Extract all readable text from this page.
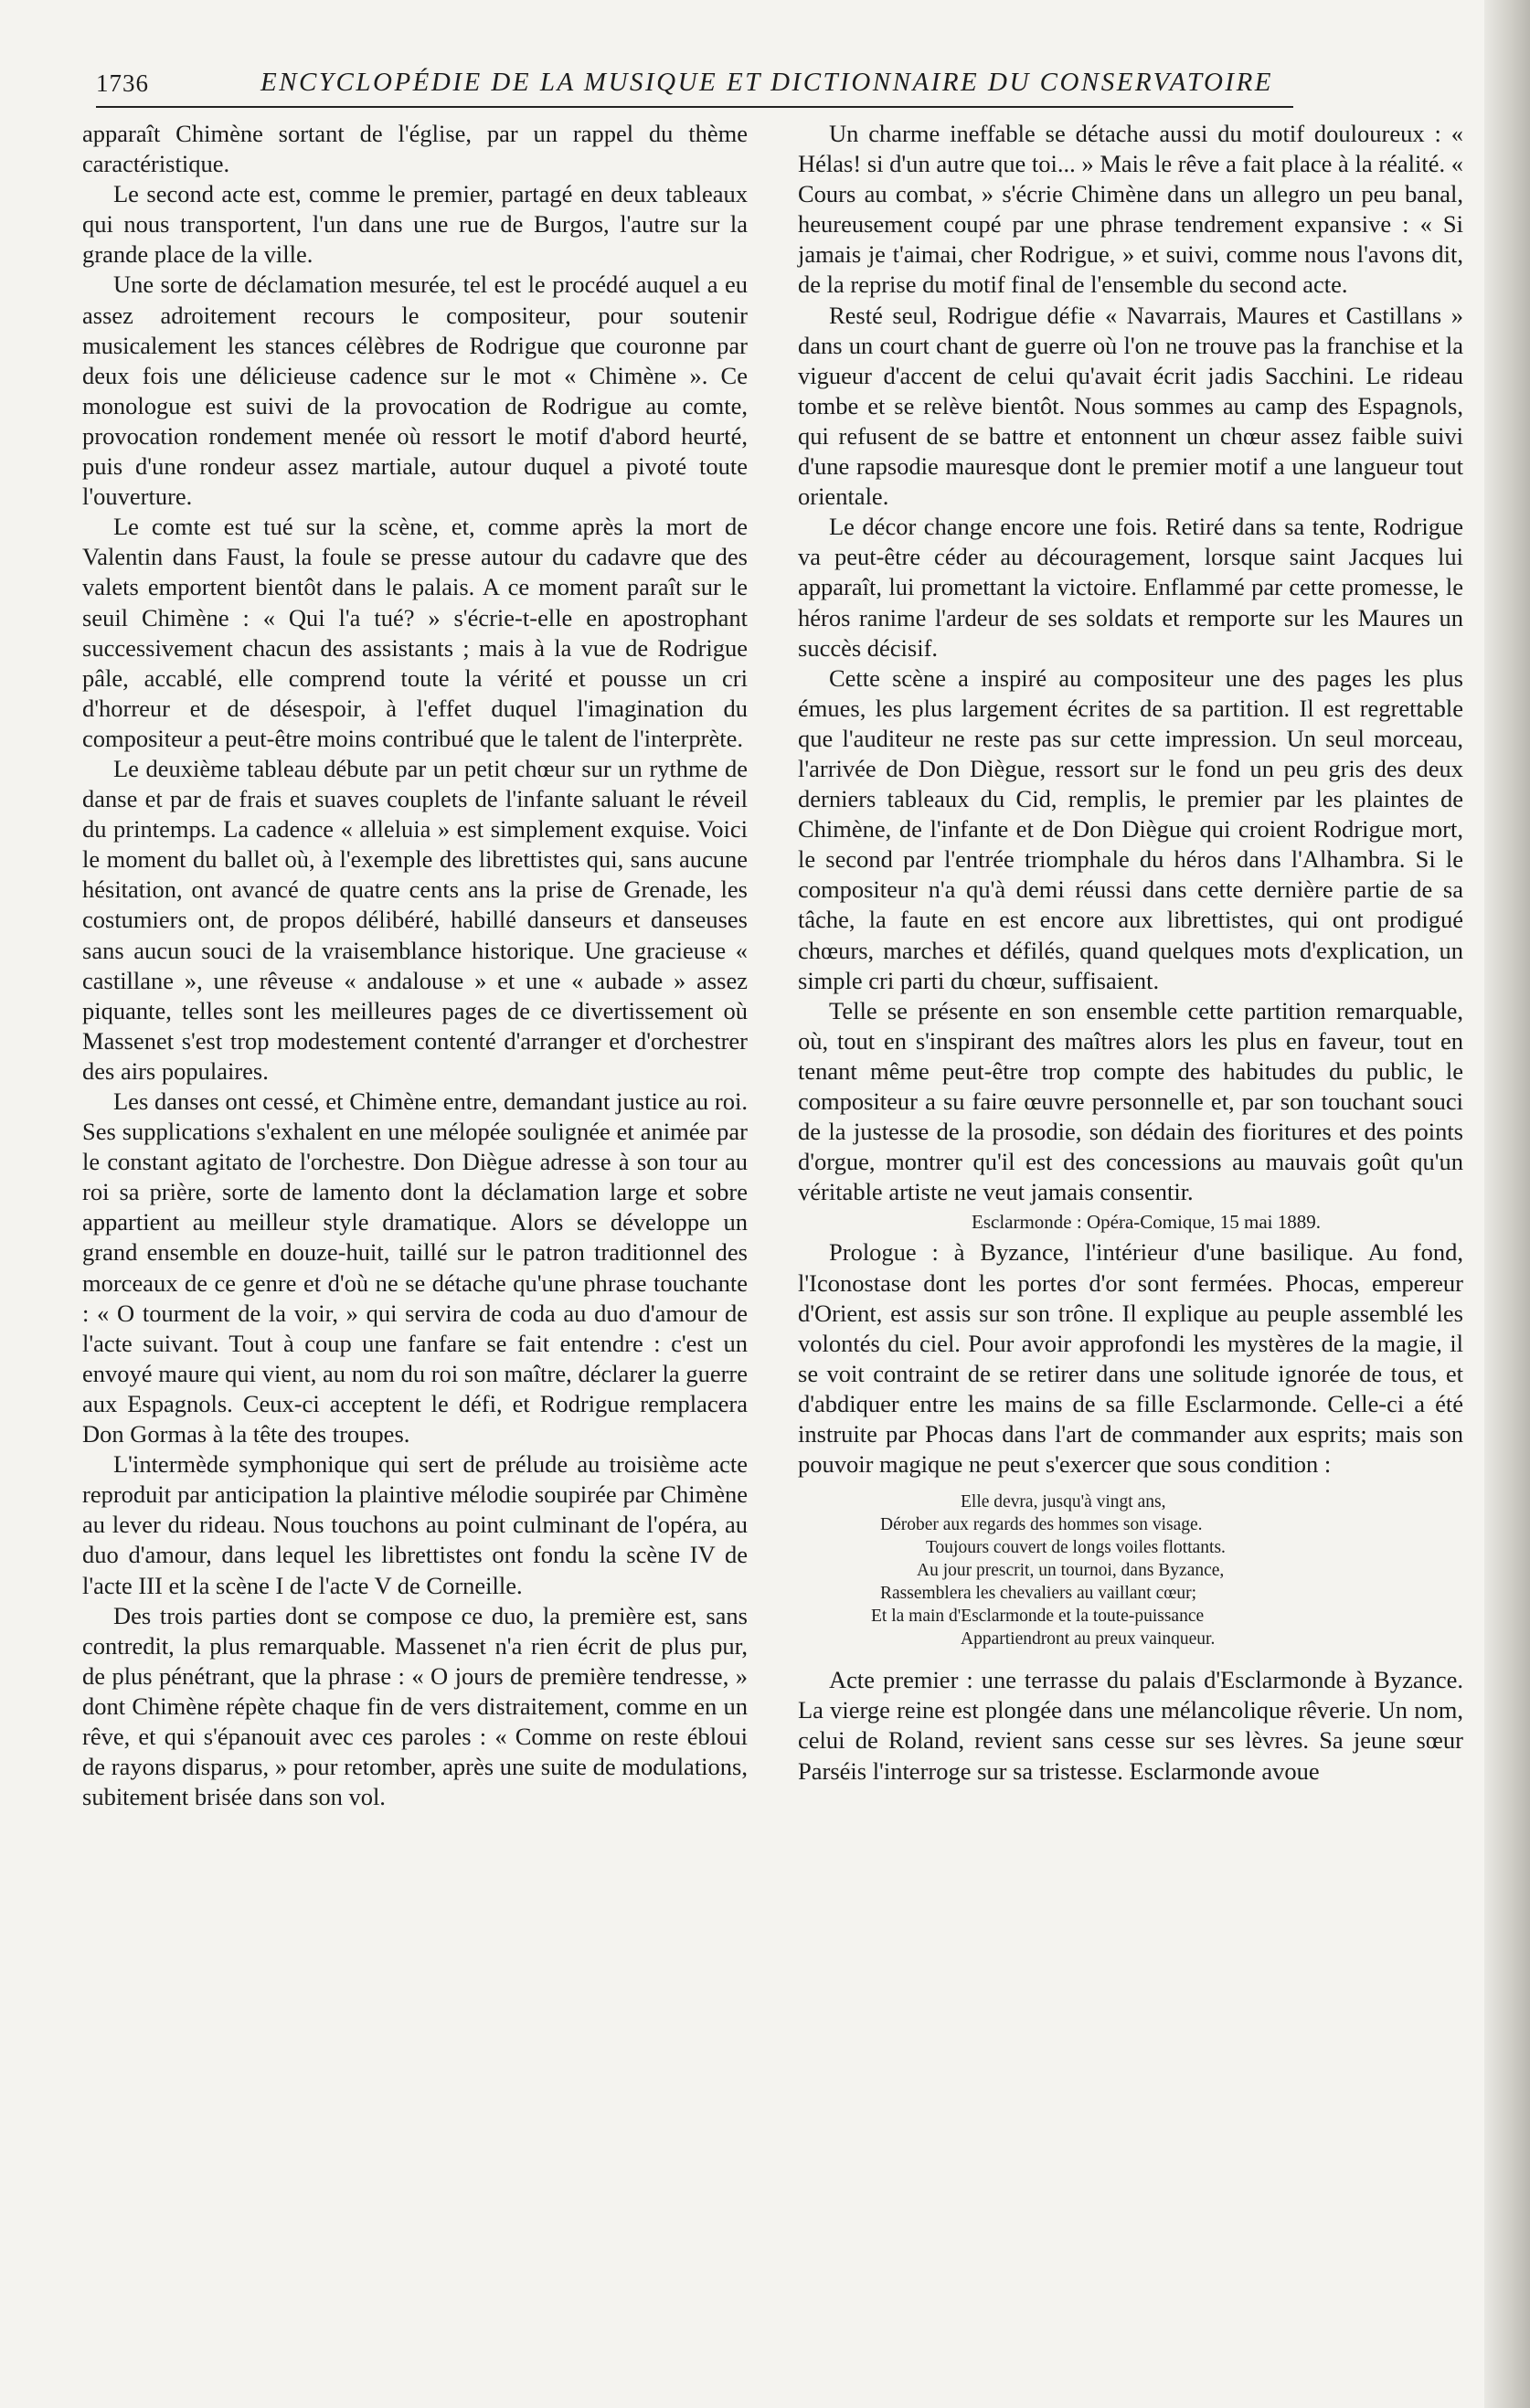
1736	ENCYCLOPÉDIE DE LA MUSIQUE ET DICTIONNAIRE DU CONSERVATOIRE

apparaît Chimène sortant de l'église, par un rappel du thème caractéristique.

Le second acte est, comme le premier, partagé en deux tableaux qui nous transportent, l'un dans une rue de Burgos, l'autre sur la grande place de la ville.

Une sorte de déclamation mesurée, tel est le procédé auquel a eu assez adroitement recours le compositeur, pour soutenir musicalement les stances célèbres de Rodrigue que couronne par deux fois une délicieuse cadence sur le mot « Chimène ». Ce monologue est suivi de la provocation de Rodrigue au comte, provocation rondement menée où ressort le motif d'abord heurté, puis d'une rondeur assez martiale, autour duquel a pivoté toute l'ouverture.

Le comte est tué sur la scène, et, comme après la mort de Valentin dans Faust, la foule se presse autour du cadavre que des valets emportent bientôt dans le palais. A ce moment paraît sur le seuil Chimène : « Qui l'a tué? » s'écrie-t-elle en apostrophant successivement chacun des assistants ; mais à la vue de Rodrigue pâle, accablé, elle comprend toute la vérité et pousse un cri d'horreur et de désespoir, à l'effet duquel l'imagination du compositeur a peut-être moins contribué que le talent de l'interprète.

Le deuxième tableau débute par un petit chœur sur un rythme de danse et par de frais et suaves couplets de l'infante saluant le réveil du printemps. La cadence « alleluia » est simplement exquise. Voici le moment du ballet où, à l'exemple des librettistes qui, sans aucune hésitation, ont avancé de quatre cents ans la prise de Grenade, les costumiers ont, de propos délibéré, habillé danseurs et danseuses sans aucun souci de la vraisemblance historique. Une gracieuse « castillane », une rêveuse « andalouse » et une « aubade » assez piquante, telles sont les meilleures pages de ce divertissement où Massenet s'est trop modestement contenté d'arranger et d'orchestrer des airs populaires.

Les danses ont cessé, et Chimène entre, demandant justice au roi. Ses supplications s'exhalent en une mélopée soulignée et animée par le constant agitato de l'orchestre. Don Diègue adresse à son tour au roi sa prière, sorte de lamento dont la déclamation large et sobre appartient au meilleur style dramatique. Alors se développe un grand ensemble en douze-huit, taillé sur le patron traditionnel des morceaux de ce genre et d'où ne se détache qu'une phrase touchante : « O tourment de la voir, » qui servira de coda au duo d'amour de l'acte suivant. Tout à coup une fanfare se fait entendre : c'est un envoyé maure qui vient, au nom du roi son maître, déclarer la guerre aux Espagnols. Ceux-ci acceptent le défi, et Rodrigue remplacera Don Gormas à la tête des troupes.

L'intermède symphonique qui sert de prélude au troisième acte reproduit par anticipation la plaintive mélodie soupirée par Chimène au lever du rideau. Nous touchons au point culminant de l'opéra, au duo d'amour, dans lequel les librettistes ont fondu la scène IV de l'acte III et la scène I de l'acte V de Corneille.

Des trois parties dont se compose ce duo, la première est, sans contredit, la plus remarquable. Massenet n'a rien écrit de plus pur, de plus pénétrant, que la phrase : « O jours de première tendresse, » dont Chimène répète chaque fin de vers distraitement, comme en un rêve, et qui s'épanouit avec ces paroles : « Comme on reste ébloui de rayons disparus, » pour retomber, après une suite de modulations, subitement brisée dans son vol.

Un charme ineffable se détache aussi du motif douloureux : « Hélas! si d'un autre que toi... » Mais le rêve a fait place à la réalité. « Cours au combat, » s'écrie Chimène dans un allegro un peu banal, heureusement coupé par une phrase tendrement expansive : « Si jamais je t'aimai, cher Rodrigue, » et suivi, comme nous l'avons dit, de la reprise du motif final de l'ensemble du second acte.

Resté seul, Rodrigue défie « Navarrais, Maures et Castillans » dans un court chant de guerre où l'on ne trouve pas la franchise et la vigueur d'accent de celui qu'avait écrit jadis Sacchini. Le rideau tombe et se relève bientôt. Nous sommes au camp des Espagnols, qui refusent de se battre et entonnent un chœur assez faible suivi d'une rapsodie mauresque dont le premier motif a une langueur tout orientale.

Le décor change encore une fois. Retiré dans sa tente, Rodrigue va peut-être céder au découragement, lorsque saint Jacques lui apparaît, lui promettant la victoire. Enflammé par cette promesse, le héros ranime l'ardeur de ses soldats et remporte sur les Maures un succès décisif.

Cette scène a inspiré au compositeur une des pages les plus émues, les plus largement écrites de sa partition. Il est regrettable que l'auditeur ne reste pas sur cette impression. Un seul morceau, l'arrivée de Don Diègue, ressort sur le fond un peu gris des deux derniers tableaux du Cid, remplis, le premier par les plaintes de Chimène, de l'infante et de Don Diègue qui croient Rodrigue mort, le second par l'entrée triomphale du héros dans l'Alhambra. Si le compositeur n'a qu'à demi réussi dans cette dernière partie de sa tâche, la faute en est encore aux librettistes, qui ont prodigué chœurs, marches et défilés, quand quelques mots d'explication, un simple cri parti du chœur, suffisaient.

Telle se présente en son ensemble cette partition remarquable, où, tout en s'inspirant des maîtres alors les plus en faveur, tout en tenant même peut-être trop compte des habitudes du public, le compositeur a su faire œuvre personnelle et, par son touchant souci de la justesse de la prosodie, son dédain des fioritures et des points d'orgue, montrer qu'il est des concessions au mauvais goût qu'un véritable artiste ne veut jamais consentir.

Esclarmonde : Opéra-Comique, 15 mai 1889.

Prologue : à Byzance, l'intérieur d'une basilique. Au fond, l'Iconostase dont les portes d'or sont fermées. Phocas, empereur d'Orient, est assis sur son trône. Il explique au peuple assemblé les volontés du ciel. Pour avoir approfondi les mystères de la magie, il se voit contraint de se retirer dans une solitude ignorée de tous, et d'abdiquer entre les mains de sa fille Esclarmonde. Celle-ci a été instruite par Phocas dans l'art de commander aux esprits; mais son pouvoir magique ne peut s'exercer que sous condition :

Elle devra, jusqu'à vingt ans,
Dérober aux regards des hommes son visage.
Toujours couvert de longs voiles flottants.
Au jour prescrit, un tournoi, dans Byzance,
Rassemblera les chevaliers au vaillant cœur;
Et la main d'Esclarmonde et la toute-puissance
Appartiendront au preux vainqueur.

Acte premier : une terrasse du palais d'Esclarmonde à Byzance. La vierge reine est plongée dans une mélancolique rêverie. Un nom, celui de Roland, revient sans cesse sur ses lèvres. Sa jeune sœur Parséis l'interroge sur sa tristesse. Esclarmonde avoue
